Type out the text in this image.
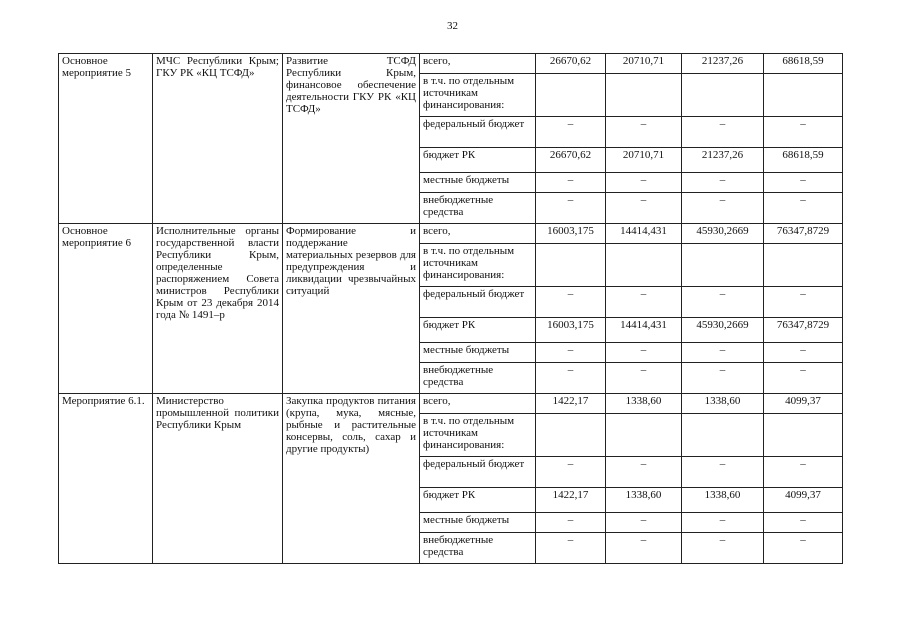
32
Основное мероприятие 5	МЧС Республики Крым; ГКУ РК «КЦ ТСФД»	Развитие ТСФД Республики Крым, финансовое обеспечение деятельности ГКУ РК «КЦ ТСФД»	всего,	26670,62	20710,71	21237,26	68618,59
			в т.ч. по отдельным источникам финансирования:				
			федеральный бюджет	–	–	–	–
			бюджет РК	26670,62	20710,71	21237,26	68618,59
			местные бюджеты	–	–	–	–
			внебюджетные средства	–	–	–	–
Основное мероприятие 6	Исполнительные органы государственной власти Республики Крым, определенные распоряжением Совета министров Республики Крым от 23 декабря 2014 года № 1491–р	Формирование и поддержание материальных резервов для предупреждения и ликвидации чрезвычайных ситуаций	всего,	16003,175	14414,431	45930,2669	76347,8729
			в т.ч. по отдельным источникам финансирования:				
			федеральный бюджет	–	–	–	–
			бюджет РК	16003,175	14414,431	45930,2669	76347,8729
			местные бюджеты	–	–	–	–
			внебюджетные средства	–	–	–	–
Мероприятие 6.1.	Министерство промышленной политики Республики Крым	Закупка продуктов питания (крупа, мука, мясные, рыбные и растительные консервы, соль, сахар и другие продукты)	всего,	1422,17	1338,60	1338,60	4099,37
			в т.ч. по отдельным источникам финансирования:				
			федеральный бюджет	–	–	–	–
			бюджет РК	1422,17	1338,60	1338,60	4099,37
			местные бюджеты	–	–	–	–
			внебюджетные средства	–	–	–	–
